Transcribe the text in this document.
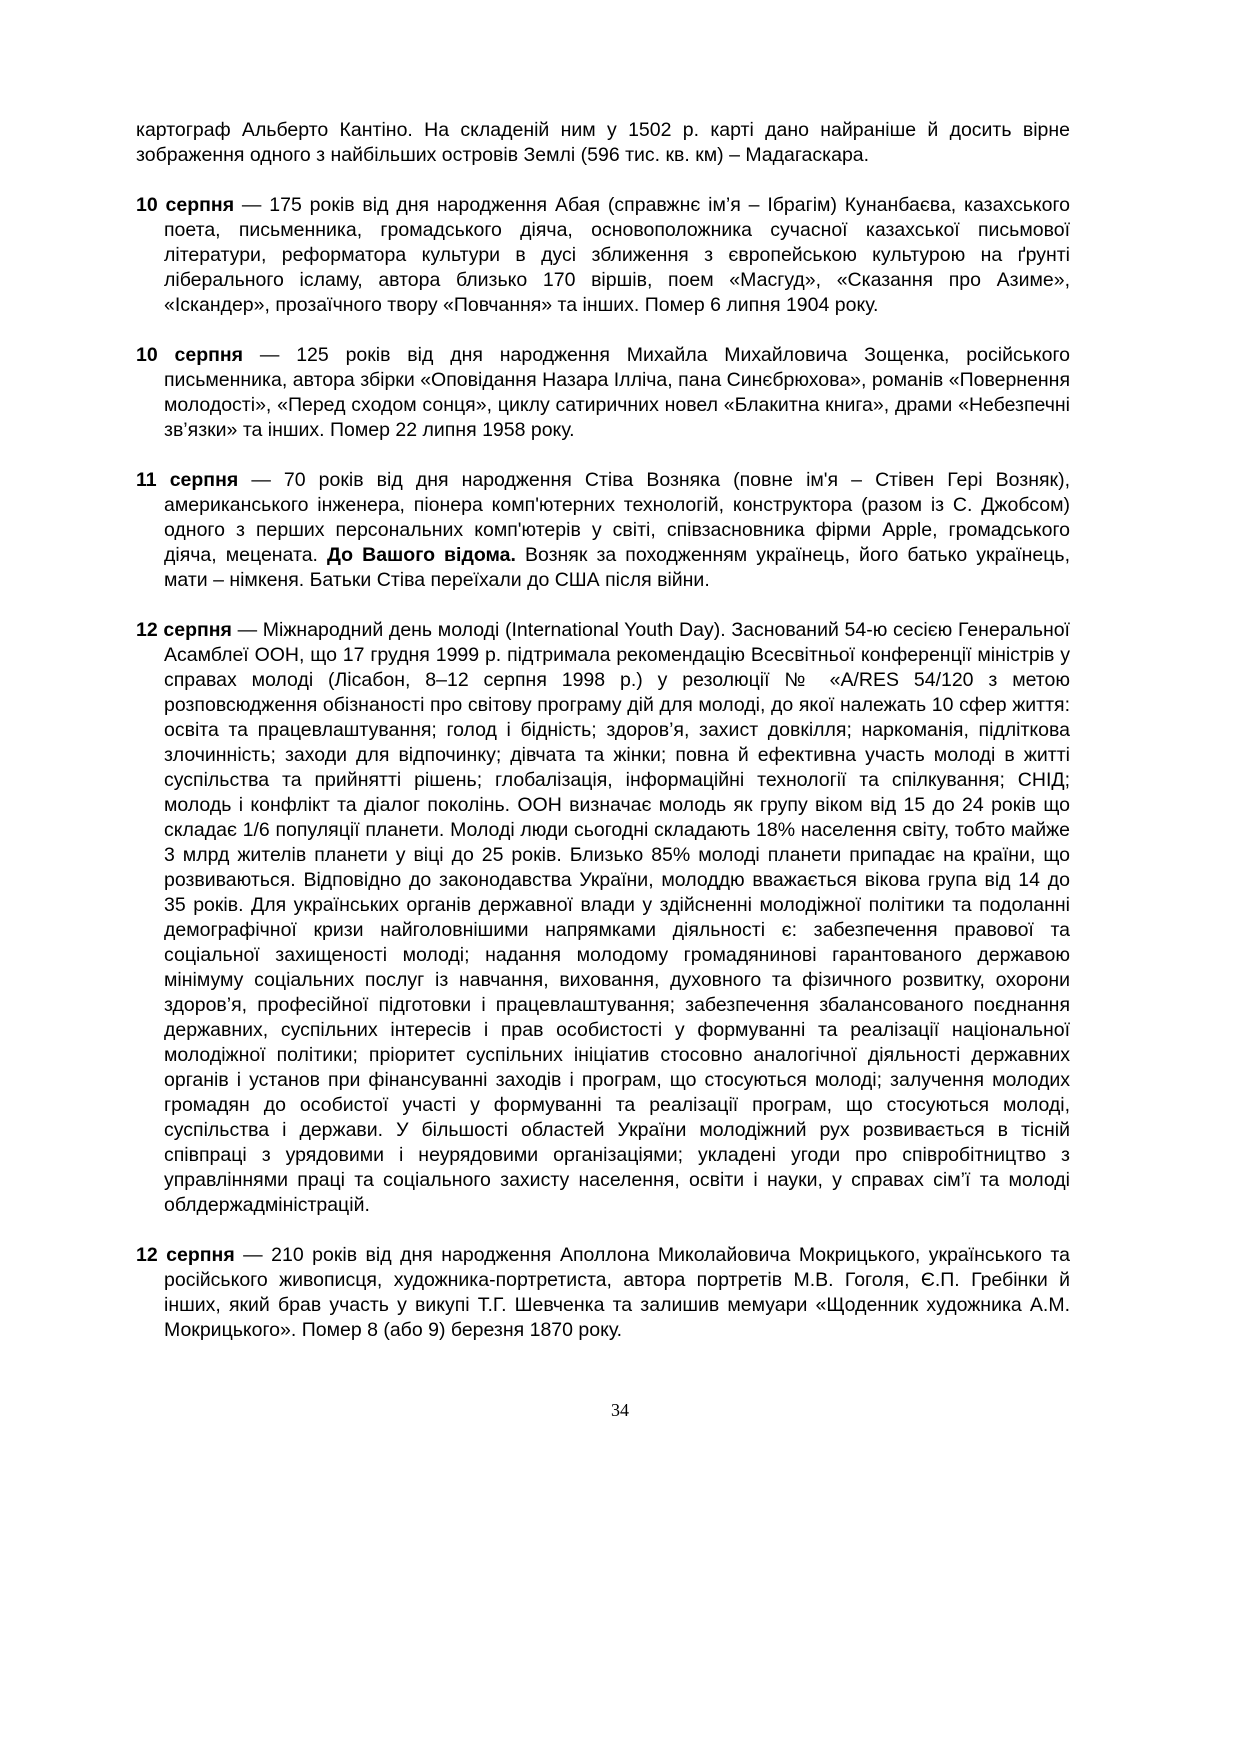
картограф Альберто Кантіно. На складеній ним у 1502 р. карті дано найраніше й досить вірне зображення одного з найбільших островів Землі (596 тис. кв. км) – Мадагаскара.

10 серпня — 175 років від дня народження Абая (справжнє ім’я – Ібрагім) Кунанбаєва, казахського поета, письменника, громадського діяча, основоположника сучасної казахської письмової літератури, реформатора культури в дусі зближення з європейською культурою на ґрунті ліберального ісламу, автора близько 170 віршів, поем «Масгуд», «Сказання про Азиме», «Іскандер», прозаїчного твору «Повчання» та інших. Помер 6 липня 1904 року.

10 серпня — 125 років від дня народження Михайла Михайловича Зощенка, російського письменника, автора збірки «Оповідання Назара Ілліча, пана Синєбрюхова», романів «Повернення молодості», «Перед сходом сонця», циклу сатиричних новел «Блакитна книга», драми «Небезпечні зв’язки» та інших. Помер 22 липня 1958 року.

11 серпня — 70 років від дня народження Стіва Возняка (повне ім'я – Стівен Гері Возняк), американського інженера, піонера комп'ютерних технологій, конструктора (разом із С. Джобсом) одного з перших персональних комп'ютерів у світі, співзасновника фірми Apple, громадського діяча, мецената. До Вашого відома. Возняк за походженням українець, його батько українець, мати – німкеня. Батьки Стіва переїхали до США після війни.

12 серпня — Міжнародний день молоді (International Youth Day). Заснований 54-ю сесією Генеральної Асамблеї ООН, що 17 грудня 1999 р. підтримала рекомендацію Всесвітньої конференції міністрів у справах молоді (Лісабон, 8–12 серпня 1998 р.) у резолюції № «A/RES 54/120 з метою розповсюдження обізнаності про світову програму дій для молоді, до якої належать 10 сфер життя: освіта та працевлаштування; голод і бідність; здоров’я, захист довкілля; наркоманія, підліткова злочинність; заходи для відпочинку; дівчата та жінки; повна й ефективна участь молоді в житті суспільства та прийнятті рішень; глобалізація, інформаційні технології та спілкування; СНІД; молодь і конфлікт та діалог поколінь. ООН визначає молодь як групу віком від 15 до 24 років що складає 1/6 популяції планети. Молоді люди сьогодні складають 18% населення світу, тобто майже 3 млрд жителів планети у віці до 25 років. Близько 85% молоді планети припадає на країни, що розвиваються. Відповідно до законодавства України, молоддю вважається вікова група від 14 до 35 років. Для українських органів державної влади у здійсненні молодіжної політики та подоланні демографічної кризи найголовнішими напрямками діяльності є: забезпечення правової та соціальної захищеності молоді; надання молодому громадянинові гарантованого державою мінімуму соціальних послуг із навчання, виховання, духовного та фізичного розвитку, охорони здоров’я, професійної підготовки і працевлаштування; забезпечення збалансованого поєднання державних, суспільних інтересів і прав особистості у формуванні та реалізації національної молодіжної політики; пріоритет суспільних ініціатив стосовно аналогічної діяльності державних органів і установ при фінансуванні заходів і програм, що стосуються молоді; залучення молодих громадян до особистої участі у формуванні та реалізації програм, що стосуються молоді, суспільства і держави. У більшості областей України молодіжний рух розвивається в тісній співпраці з урядовими і неурядовими організаціями; укладені угоди про співробітництво з управліннями праці та соціального захисту населення, освіти і науки, у справах сім’ї та молоді облдержадміністрацій.

12 серпня — 210 років від дня народження Аполлона Миколайовича Мокрицького, українського та російського живописця, художника-портретиста, автора портретів М.В. Гоголя, Є.П. Гребінки й інших, який брав участь у викупі Т.Г. Шевченка та залишив мемуари «Щоденник художника А.М. Мокрицького». Помер 8 (або 9) березня 1870 року.

34
